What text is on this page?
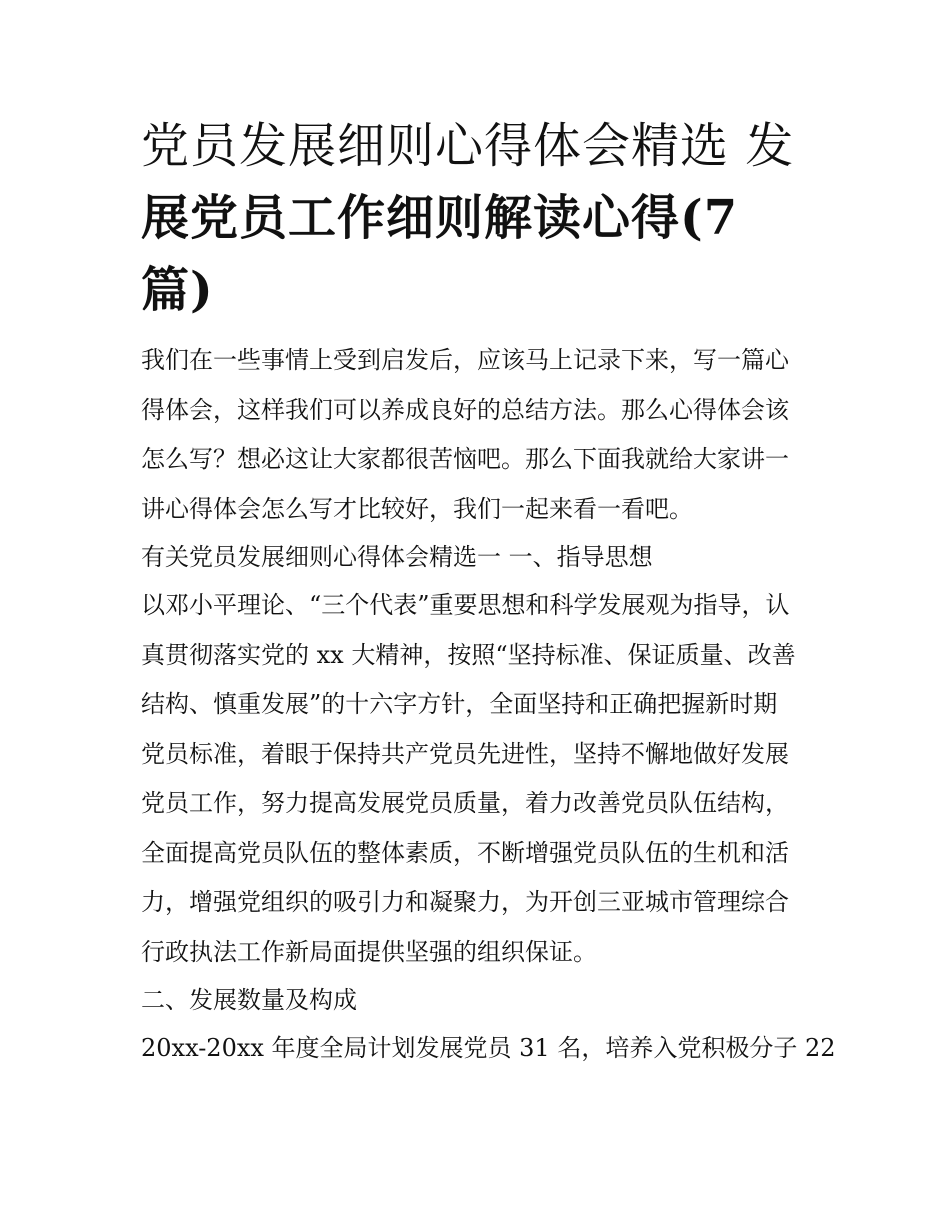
党员发展细则心得体会精选 发
展党员工作细则解读心得(7
篇)
我们在一些事情上受到启发后，应该马上记录下来，写一篇心
得体会，这样我们可以养成良好的总结方法。那么心得体会该
怎么写？想必这让大家都很苦恼吧。那么下面我就给大家讲一
讲心得体会怎么写才比较好，我们一起来看一看吧。

有关党员发展细则心得体会精选一 一、指导思想

以邓小平理论、“三个代表”重要思想和科学发展观为指导，认
真贯彻落实党的 xx 大精神，按照“坚持标准、保证质量、改善
结构、慎重发展”的十六字方针，全面坚持和正确把握新时期
党员标准，着眼于保持共产党员先进性，坚持不懈地做好发展
党员工作，努力提高发展党员质量，着力改善党员队伍结构，
全面提高党员队伍的整体素质，不断增强党员队伍的生机和活
力，增强党组织的吸引力和凝聚力，为开创三亚城市管理综合
行政执法工作新局面提供坚强的组织保证。

二、发展数量及构成

20xx-20xx 年度全局计划发展党员 31 名，培养入党积极分子 22
